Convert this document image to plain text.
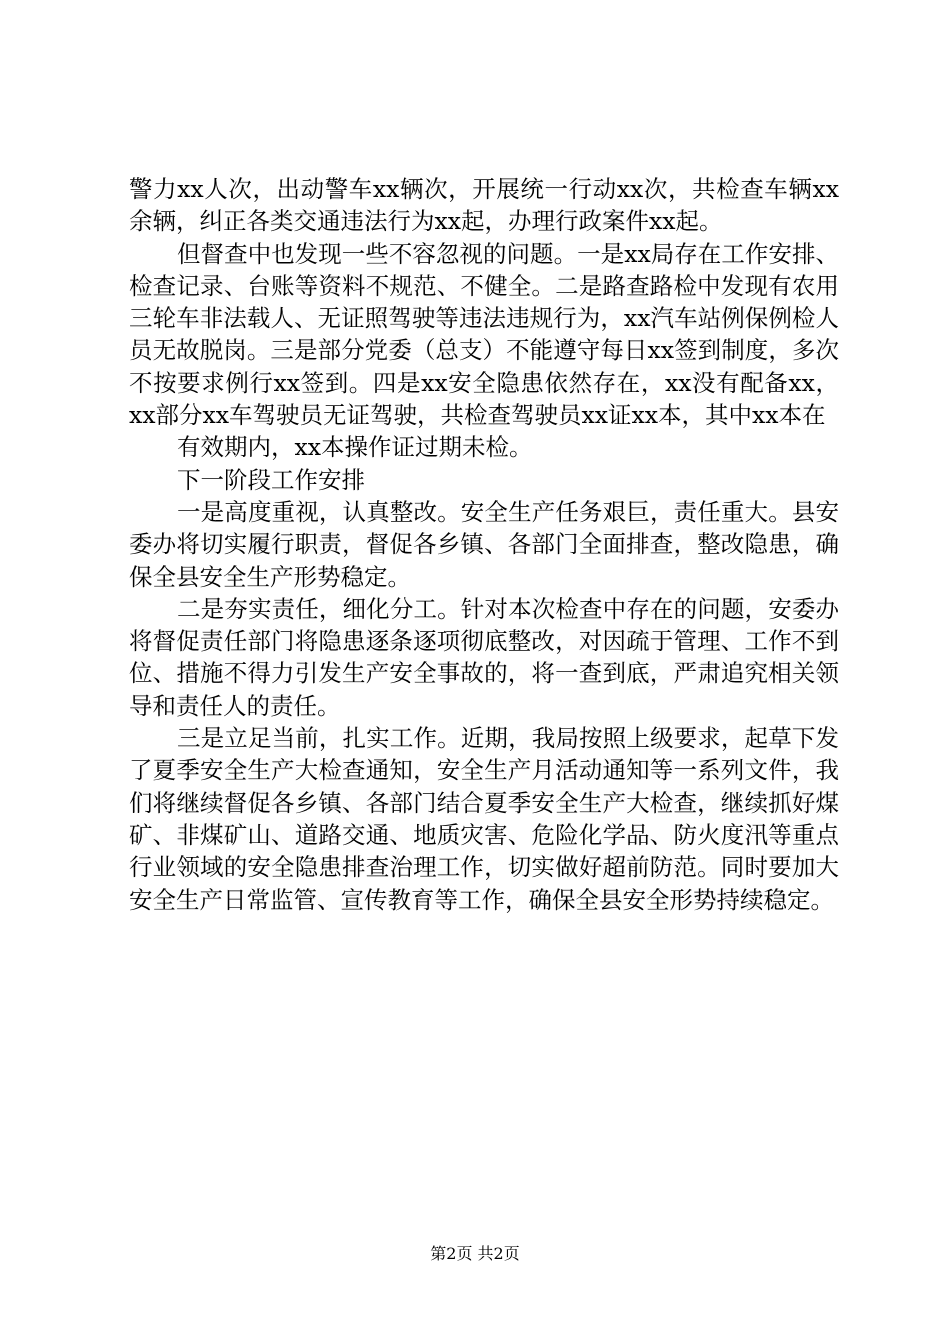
警力xx人次，出动警车xx辆次，开展统一行动xx次，共检查车辆xx余辆，纠正各类交通违法行为xx起，办理行政案件xx起。

但督查中也发现一些不容忽视的问题。一是xx局存在工作安排、检查记录、台账等资料不规范、不健全。二是路查路检中发现有农用三轮车非法载人、无证照驾驶等违法违规行为，xx汽车站例保例检人员无故脱岗。三是部分党委（总支）不能遵守每日xx签到制度，多次不按要求例行xx签到。四是xx安全隐患依然存在，xx没有配备xx，xx部分xx车驾驶员无证驾驶，共检查驾驶员xx证xx本，其中xx本在

有效期内，xx本操作证过期未检。

下一阶段工作安排

一是高度重视，认真整改。安全生产任务艰巨，责任重大。县安委办将切实履行职责，督促各乡镇、各部门全面排查，整改隐患，确保全县安全生产形势稳定。

二是夯实责任，细化分工。针对本次检查中存在的问题，安委办将督促责任部门将隐患逐条逐项彻底整改，对因疏于管理、工作不到位、措施不得力引发生产安全事故的，将一查到底，严肃追究相关领导和责任人的责任。

三是立足当前，扎实工作。近期，我局按照上级要求，起草下发了夏季安全生产大检查通知，安全生产月活动通知等一系列文件，我们将继续督促各乡镇、各部门结合夏季安全生产大检查，继续抓好煤矿、非煤矿山、道路交通、地质灾害、危险化学品、防火度汛等重点行业领域的安全隐患排查治理工作，切实做好超前防范。同时要加大安全生产日常监管、宣传教育等工作，确保全县安全形势持续稳定。

第2页 共2页
